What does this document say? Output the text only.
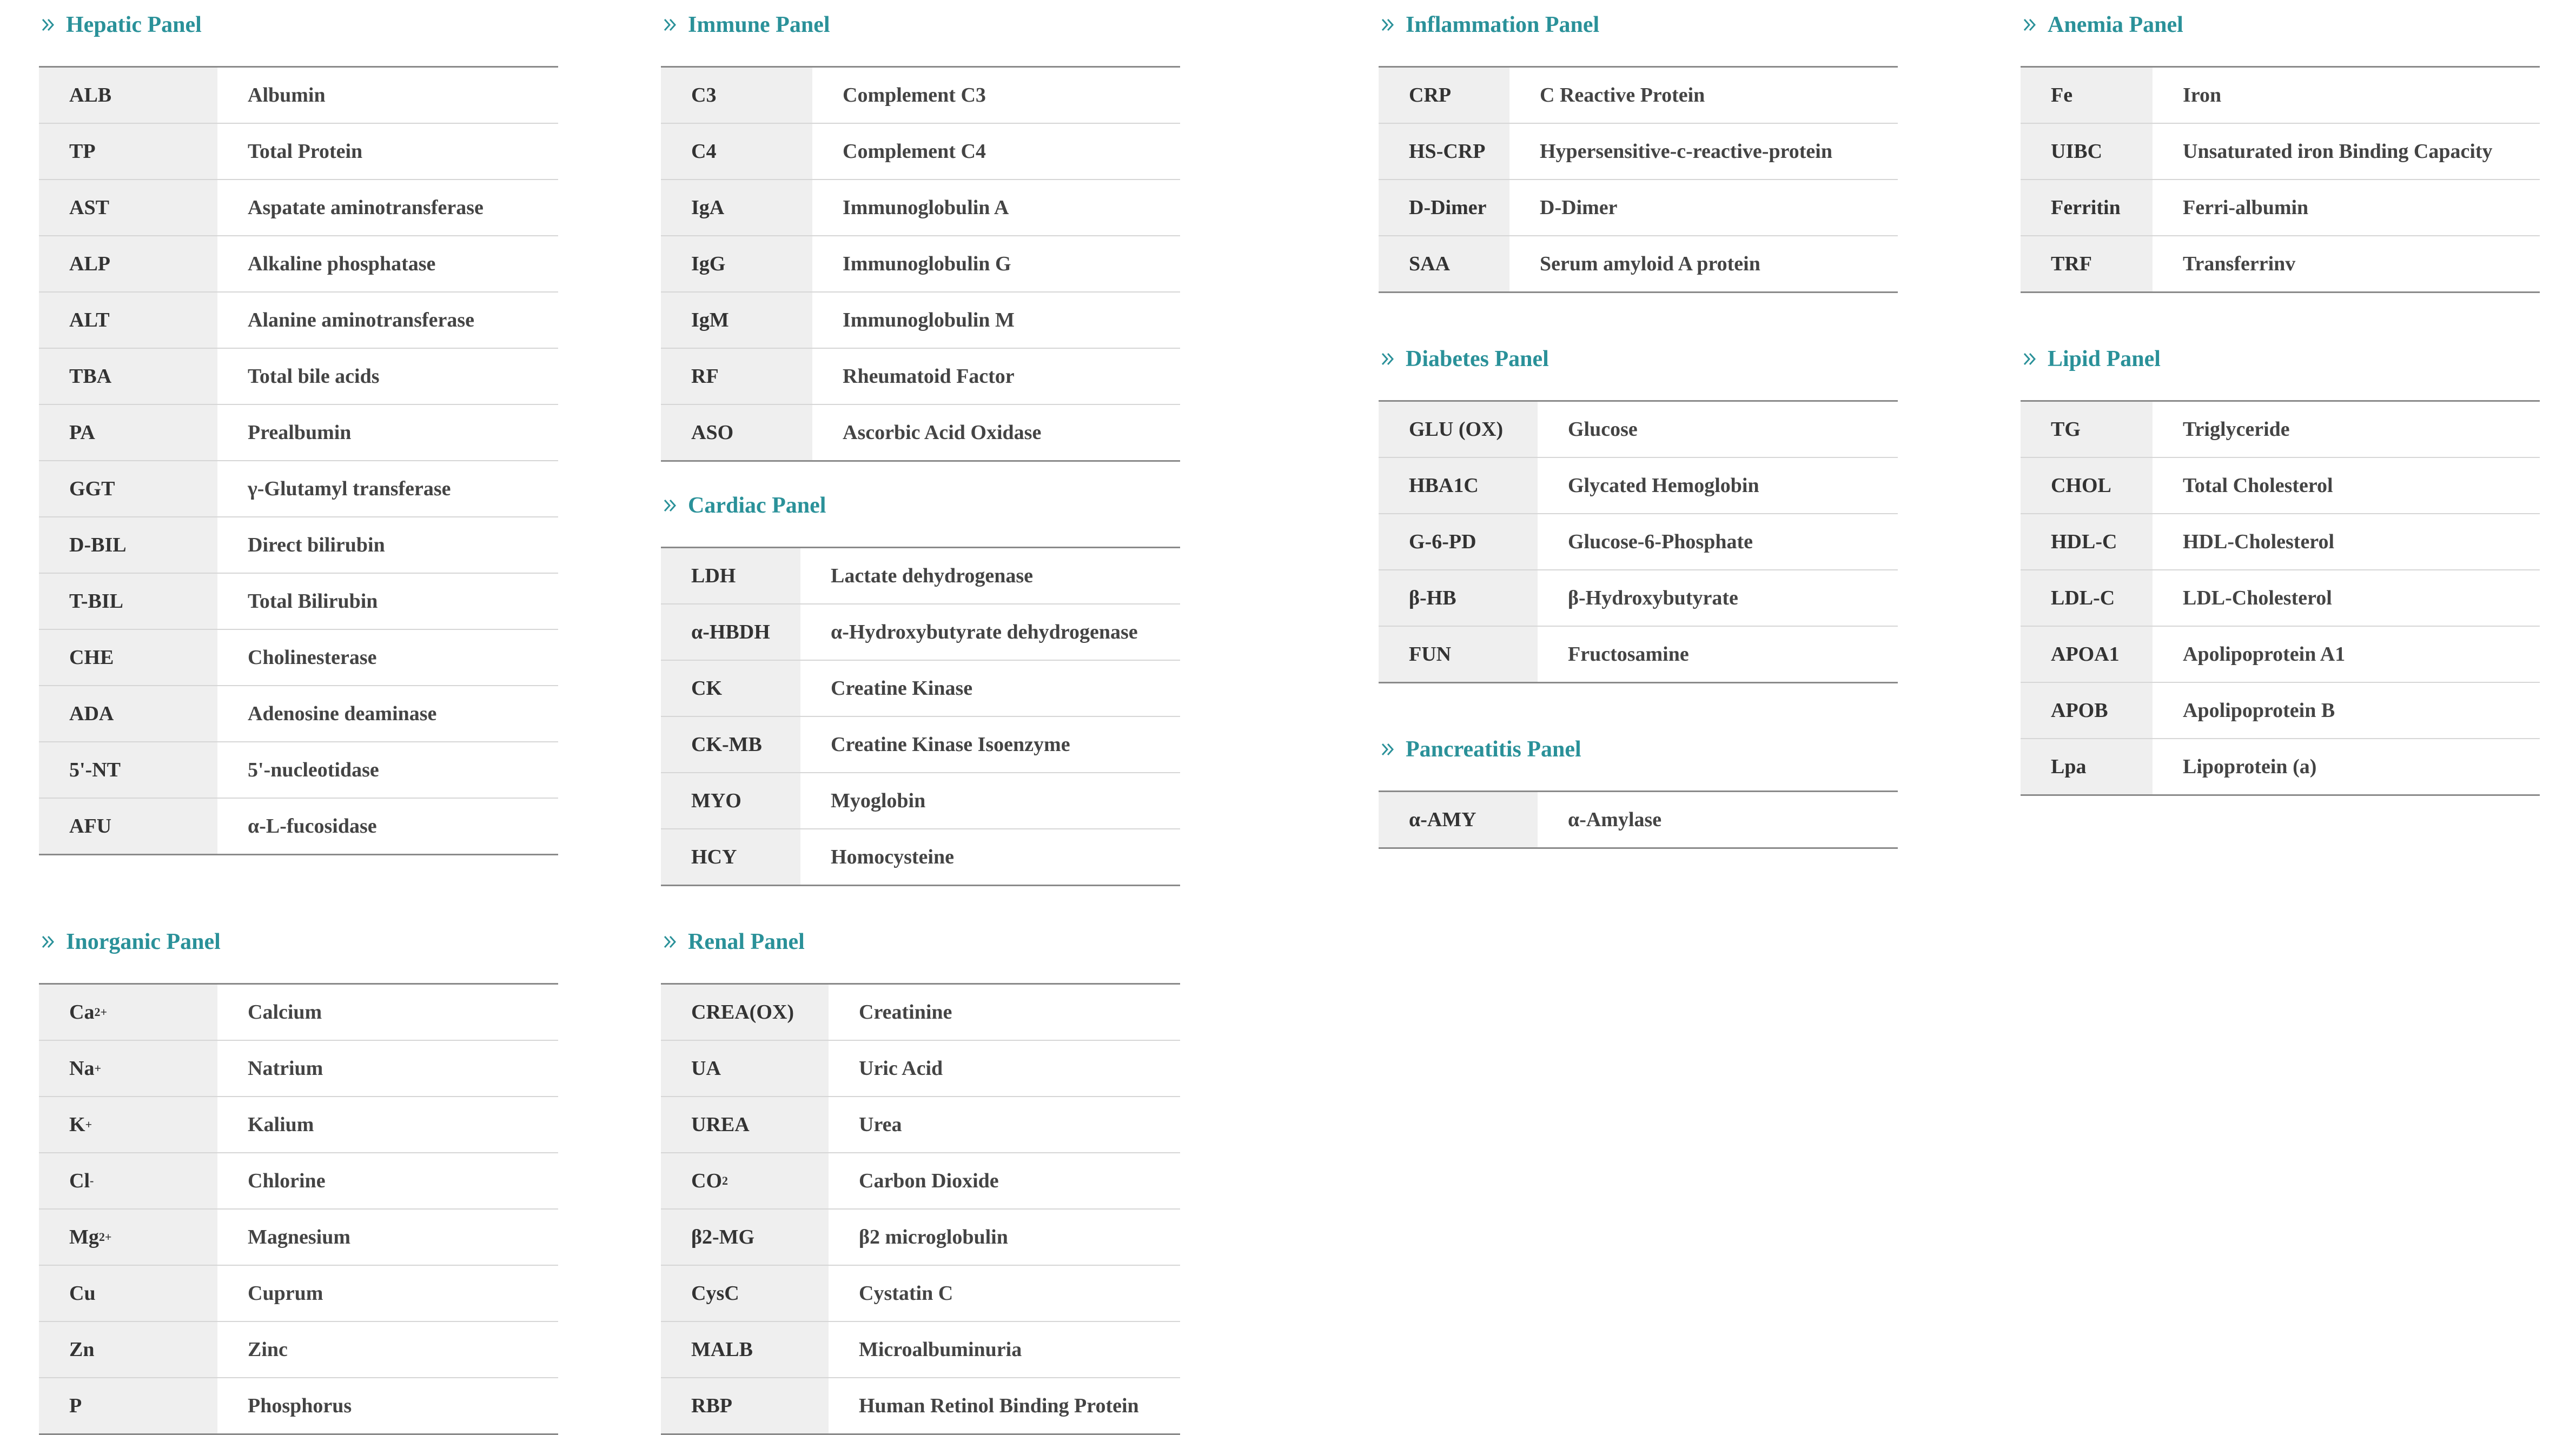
Hepatic Panel
ALB	Albumin
TP	Total Protein
AST	Aspatate aminotransferase
ALP	Alkaline phosphatase
ALT	Alanine aminotransferase
TBA	Total bile acids
PA	Prealbumin
GGT	γ-Glutamyl transferase
D-BIL	Direct bilirubin
T-BIL	Total Bilirubin
CHE	Cholinesterase
ADA	Adenosine deaminase
5'-NT	5'-nucleotidase
AFU	α-L-fucosidase
Inorganic Panel
Ca 2+	Calcium
Na +	Natrium
K +	Kalium
Cl -	Chlorine
Mg 2+	Magnesium
Cu	Cuprum
Zn	Zinc
P	Phosphorus
Immune Panel
C3	Complement C3
C4	Complement C4
IgA	Immunoglobulin A
IgG	Immunoglobulin G
IgM	Immunoglobulin M
RF	Rheumatoid Factor
ASO	Ascorbic Acid Oxidase
Cardiac Panel
LDH	Lactate dehydrogenase
α-HBDH	α-Hydroxybutyrate dehydrogenase
CK	Creatine Kinase
CK-MB	Creatine Kinase Isoenzyme
MYO	Myoglobin
HCY	Homocysteine
Renal Panel
CREA(OX)	Creatinine
UA	Uric Acid
UREA	Urea
CO 2	Carbon Dioxide
β2-MG	β2 microglobulin
CysC	Cystatin C
MALB	Microalbuminuria
RBP	Human Retinol Binding Protein
Inflammation Panel
CRP	C Reactive Protein
HS-CRP	Hypersensitive-c-reactive-protein
D-Dimer	D-Dimer
SAA	Serum amyloid A protein
Diabetes Panel
GLU (OX)	Glucose
HBA1C	Glycated Hemoglobin
G-6-PD	Glucose-6-Phosphate
β-HB	β-Hydroxybutyrate
FUN	Fructosamine
Pancreatitis Panel
α-AMY	α-Amylase
Anemia Panel
Fe	Iron
UIBC	Unsaturated iron Binding Capacity
Ferritin	Ferri-albumin
TRF	Transferrinv
Lipid Panel
TG	Triglyceride
CHOL	Total Cholesterol
HDL-C	HDL-Cholesterol
LDL-C	LDL-Cholesterol
APOA1	Apolipoprotein A1
APOB	Apolipoprotein B
Lpa	Lipoprotein (a)
